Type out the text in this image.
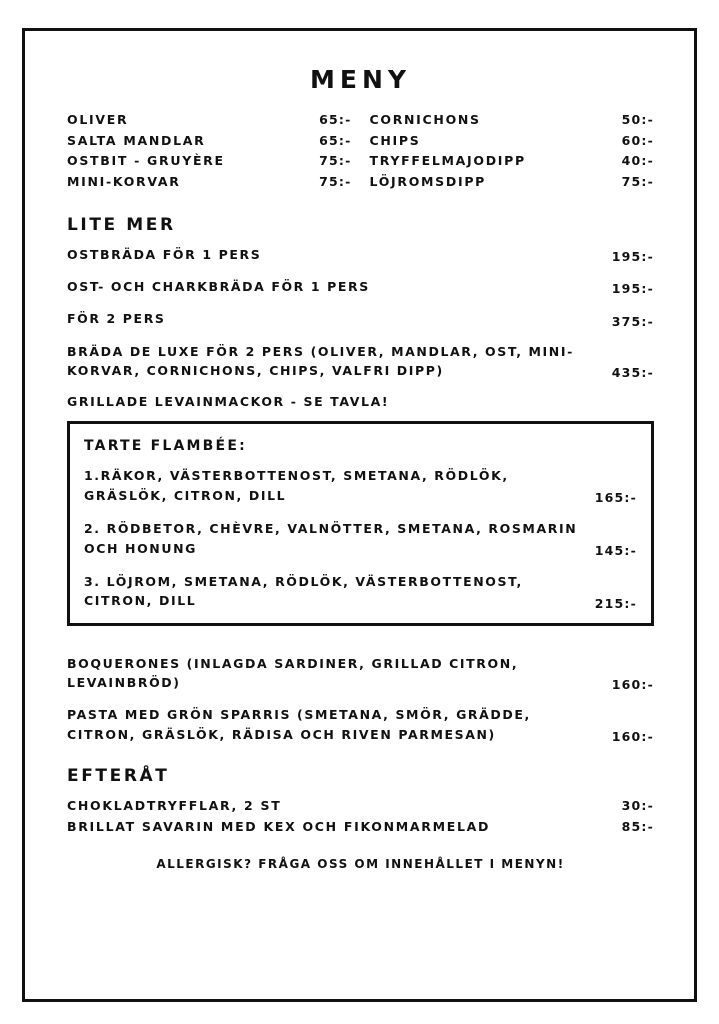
MENY
OLIVER	65:- CORNICHONS	50:-
SALTA MANDLAR	65:- CHIPS	60:-
OSTBIT - GRUYÈRE	75:- TRYFFELMAJODIPP	40:-
MINI-KORVAR	75:- LÖJROMSDIPP	75:-
LITE MER
OSTBRÄDA FÖR 1 PERS	195:-
OST- OCH CHARKBRÄDA FÖR 1 PERS	195:-
FÖR 2 PERS	375:-
BRÄDA DE LUXE FÖR 2 PERS (OLIVER, MANDLAR, OST, MINI-KORVAR, CORNICHONS, CHIPS, VALFRI DIPP)	435:-
GRILLADE LEVAINMACKOR - SE TAVLA!
TARTE FLAMBÉE:
1.RÄKOR, VÄSTERBOTTENOST, SMETANA, RÖDLÖK, GRÄSLÖK, CITRON, DILL	165:-
2. RÖDBETOR, CHÈVRE, VALNÖTTER, SMETANA, ROSMARIN OCH HONUNG	145:-
3. LÖJROM, SMETANA, RÖDLÖK, VÄSTERBOTTENOST, CITRON, DILL	215:-
BOQUERONES (INLAGDA SARDINER, GRILLAD CITRON, LEVAINBRÖD)	160:-
PASTA MED GRÖN SPARRIS (SMETANA, SMÖR, GRÄDDE, CITRON, GRÄSLÖK, RÄDISA OCH RIVEN PARMESAN)	160:-
EFTERÅT
CHOKLADTRYFFLAR, 2 ST	30:-
BRILLAT SAVARIN MED KEX OCH FIKONMARMELAD	85:-
ALLERGISK? FRÅGA OSS OM INNEHÅLLET I MENYN!
